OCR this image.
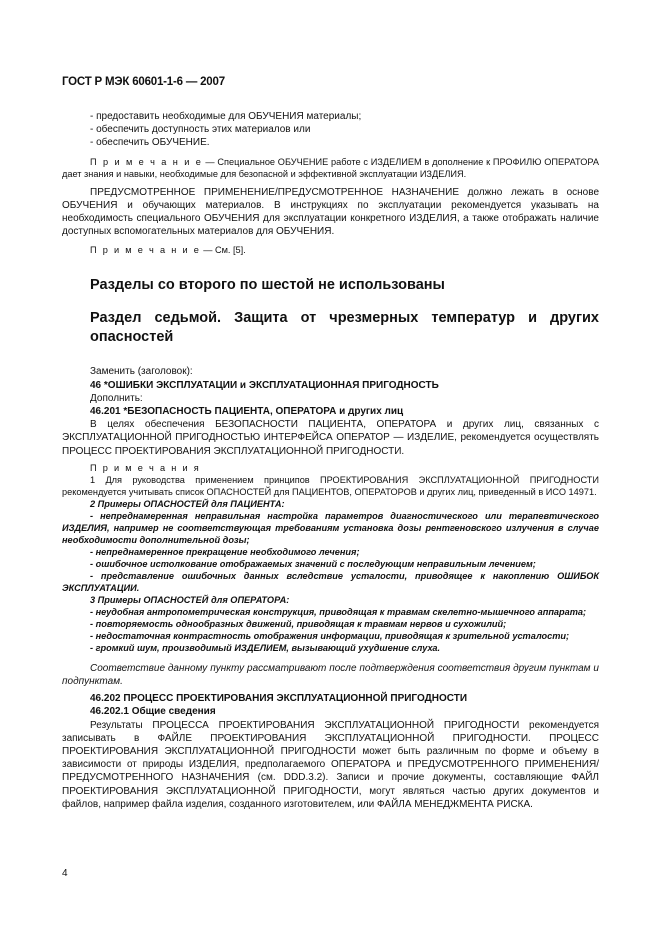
ГОСТ Р МЭК 60601-1-6 — 2007

- предоставить необходимые для ОБУЧЕНИЯ материалы;

- обеспечить доступность этих материалов или

- обеспечить ОБУЧЕНИЕ.

П р и м е ч а н и е — Специальное ОБУЧЕНИЕ работе с ИЗДЕЛИЕМ в дополнение к ПРОФИЛЮ ОПЕРАТОРА дает знания и навыки, необходимые для безопасной и эффективной эксплуатации ИЗДЕЛИЯ.

ПРЕДУСМОТРЕННОЕ ПРИМЕНЕНИЕ/ПРЕДУСМОТРЕННОЕ НАЗНАЧЕНИЕ должно лежать в основе ОБУЧЕНИЯ и обучающих материалов. В инструкциях по эксплуатации рекомендуется указывать на необходимость специального ОБУЧЕНИЯ для эксплуатации конкретного ИЗДЕЛИЯ, а также отображать наличие доступных вспомогательных материалов для ОБУЧЕНИЯ.

П р и м е ч а н и е — См. [5].

Разделы со второго по шестой не использованы
Раздел седьмой. Защита от чрезмерных температур и других опасностей

Заменить (заголовок):

46 *ОШИБКИ ЭКСПЛУАТАЦИИ и ЭКСПЛУАТАЦИОННАЯ ПРИГОДНОСТЬ

Дополнить:

46.201 *БЕЗОПАСНОСТЬ ПАЦИЕНТА, ОПЕРАТОРА и других лиц

В целях обеспечения БЕЗОПАСНОСТИ ПАЦИЕНТА, ОПЕРАТОРА и других лиц, связанных с ЭКСПЛУАТАЦИОННОЙ ПРИГОДНОСТЬЮ ИНТЕРФЕЙСА ОПЕРАТОР — ИЗДЕЛИЕ, рекомендуется осуществлять ПРОЦЕСС ПРОЕКТИРОВАНИЯ ЭКСПЛУАТАЦИОННОЙ ПРИГОДНОСТИ.

П р и м е ч а н и я

1 Для руководства применением принципов ПРОЕКТИРОВАНИЯ ЭКСПЛУАТАЦИОННОЙ ПРИГОДНОСТИ рекомендуется учитывать список ОПАСНОСТЕЙ для ПАЦИЕНТОВ, ОПЕРАТОРОВ и других лиц, приведенный в ИСО 14971.

2 Примеры ОПАСНОСТЕЙ для ПАЦИЕНТА:

- непреднамеренная неправильная настройка параметров диагностического или терапевтического ИЗДЕЛИЯ, например не соответствующая требованиям установка дозы рентгеновского излучения в случае необходимости дополнительной дозы;

- непреднамеренное прекращение необходимого лечения;

- ошибочное истолкование отображаемых значений с последующим неправильным лечением;

- представление ошибочных данных вследствие усталости, приводящее к накоплению ОШИБОК ЭКСПЛУАТАЦИИ.

3 Примеры ОПАСНОСТЕЙ для ОПЕРАТОРА:

- неудобная антропометрическая конструкция, приводящая к травмам скелетно-мышечного аппарата;

- повторяемость однообразных движений, приводящая к травмам нервов и сухожилий;

- недостаточная контрастность отображения информации, приводящая к зрительной усталости;

- громкий шум, производимый ИЗДЕЛИЕМ, вызывающий ухудшение слуха.

Соответствие данному пункту рассматривают после подтверждения соответствия другим пунктам и подпунктам.

46.202 ПРОЦЕСС ПРОЕКТИРОВАНИЯ ЭКСПЛУАТАЦИОННОЙ ПРИГОДНОСТИ

46.202.1 Общие сведения

Результаты ПРОЦЕССА ПРОЕКТИРОВАНИЯ ЭКСПЛУАТАЦИОННОЙ ПРИГОДНОСТИ рекомендуется записывать в ФАЙЛЕ ПРОЕКТИРОВАНИЯ ЭКСПЛУАТАЦИОННОЙ ПРИГОДНОСТИ. ПРОЦЕСС ПРОЕКТИРОВАНИЯ ЭКСПЛУАТАЦИОННОЙ ПРИГОДНОСТИ может быть различным по форме и объему в зависимости от природы ИЗДЕЛИЯ, предполагаемого ОПЕРАТОРА и ПРЕДУСМОТРЕННОГО ПРИМЕНЕНИЯ/ПРЕДУСМОТРЕННОГО НАЗНАЧЕНИЯ (см. DDD.3.2). Записи и прочие документы, составляющие ФАЙЛ ПРОЕКТИРОВАНИЯ ЭКСПЛУАТАЦИОННОЙ ПРИГОДНОСТИ, могут являться частью других документов и файлов, например файла изделия, созданного изготовителем, или ФАЙЛА МЕНЕДЖМЕНТА РИСКА.

4
